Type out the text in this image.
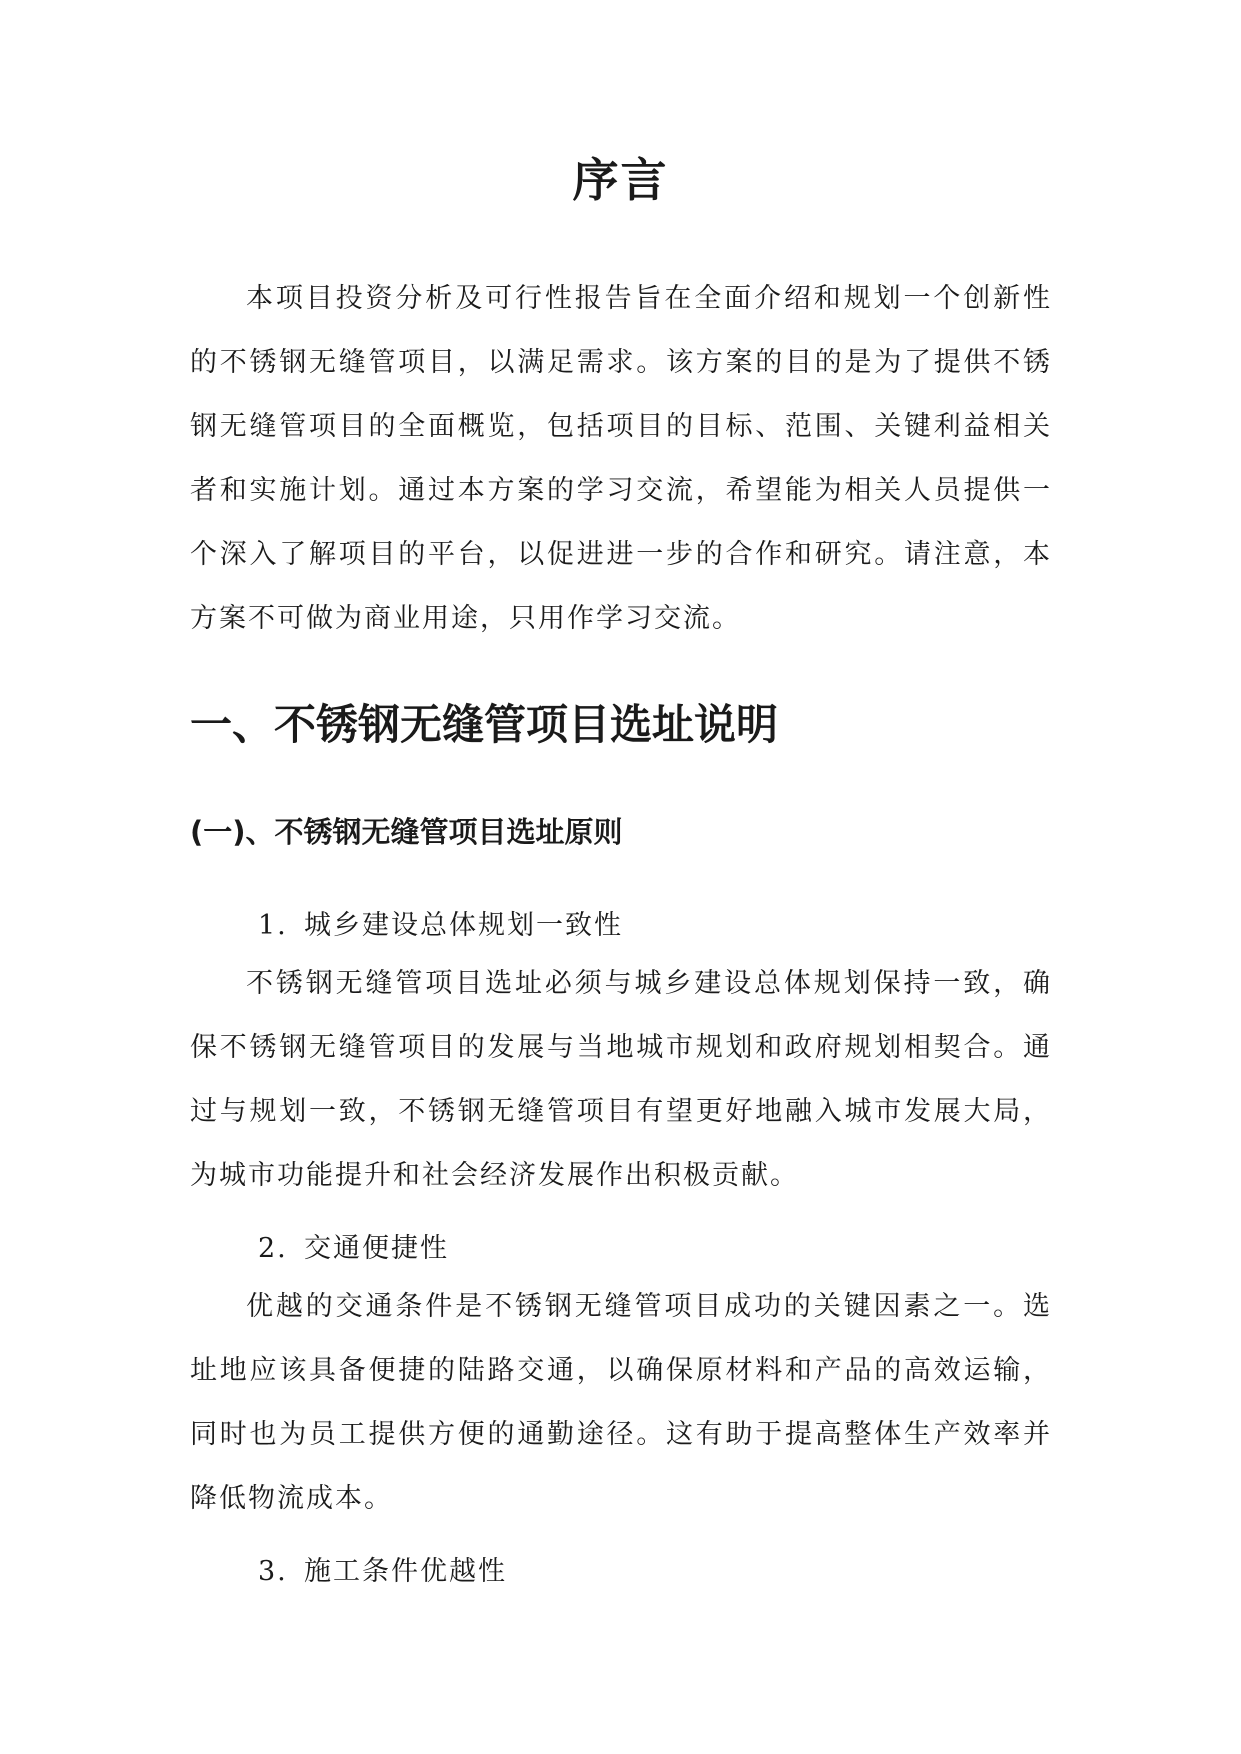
序言

本项目投资分析及可行性报告旨在全面介绍和规划一个创新性的不锈钢无缝管项目，以满足需求。该方案的目的是为了提供不锈钢无缝管项目的全面概览，包括项目的目标、范围、关键利益相关者和实施计划。通过本方案的学习交流，希望能为相关人员提供一个深入了解项目的平台，以促进进一步的合作和研究。请注意，本方案不可做为商业用途，只用作学习交流。

一、不锈钢无缝管项目选址说明
(一)、不锈钢无缝管项目选址原则
1. 城乡建设总体规划一致性

不锈钢无缝管项目选址必须与城乡建设总体规划保持一致，确保不锈钢无缝管项目的发展与当地城市规划和政府规划相契合。通过与规划一致，不锈钢无缝管项目有望更好地融入城市发展大局，为城市功能提升和社会经济发展作出积极贡献。

2. 交通便捷性

优越的交通条件是不锈钢无缝管项目成功的关键因素之一。选址地应该具备便捷的陆路交通，以确保原材料和产品的高效运输，同时也为员工提供方便的通勤途径。这有助于提高整体生产效率并降低物流成本。

3. 施工条件优越性
